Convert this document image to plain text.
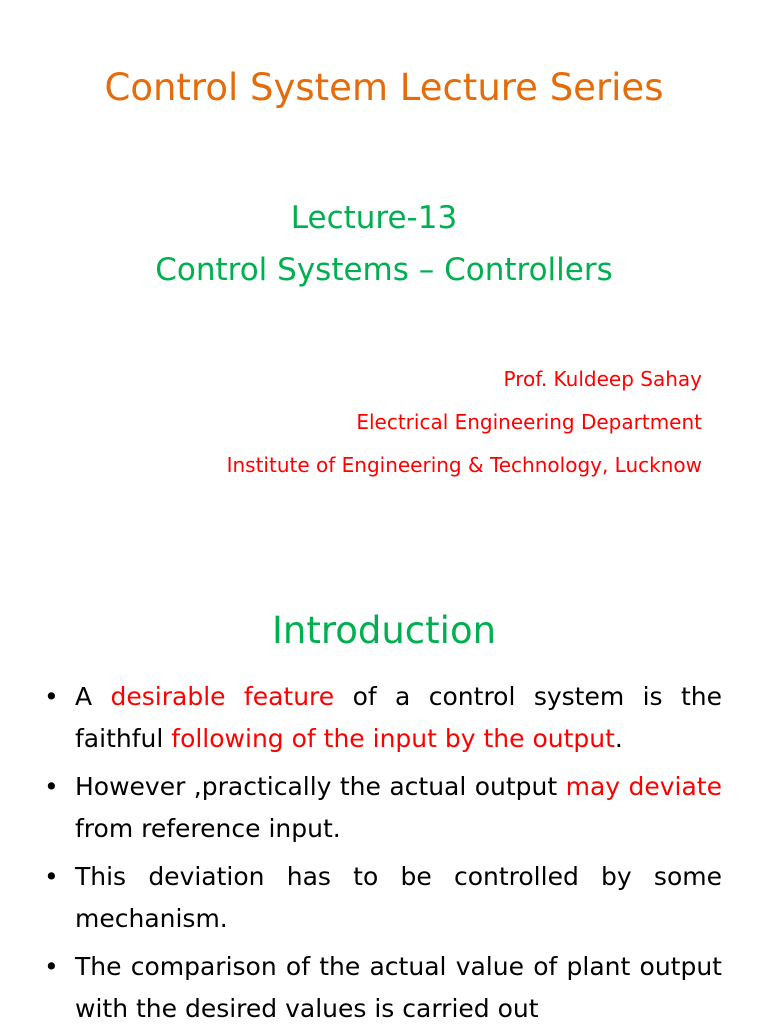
Control System Lecture Series
Lecture-13
Control Systems – Controllers
Prof. Kuldeep Sahay
Electrical Engineering Department
Institute of Engineering & Technology, Lucknow
Introduction
• A desirable feature of a control system is the faithful following of the input by the output.
• However ,practically the actual output may deviate from reference input.
• This deviation has to be controlled by some mechanism.
• The comparison of the actual value of plant output with the desired values is carried out
